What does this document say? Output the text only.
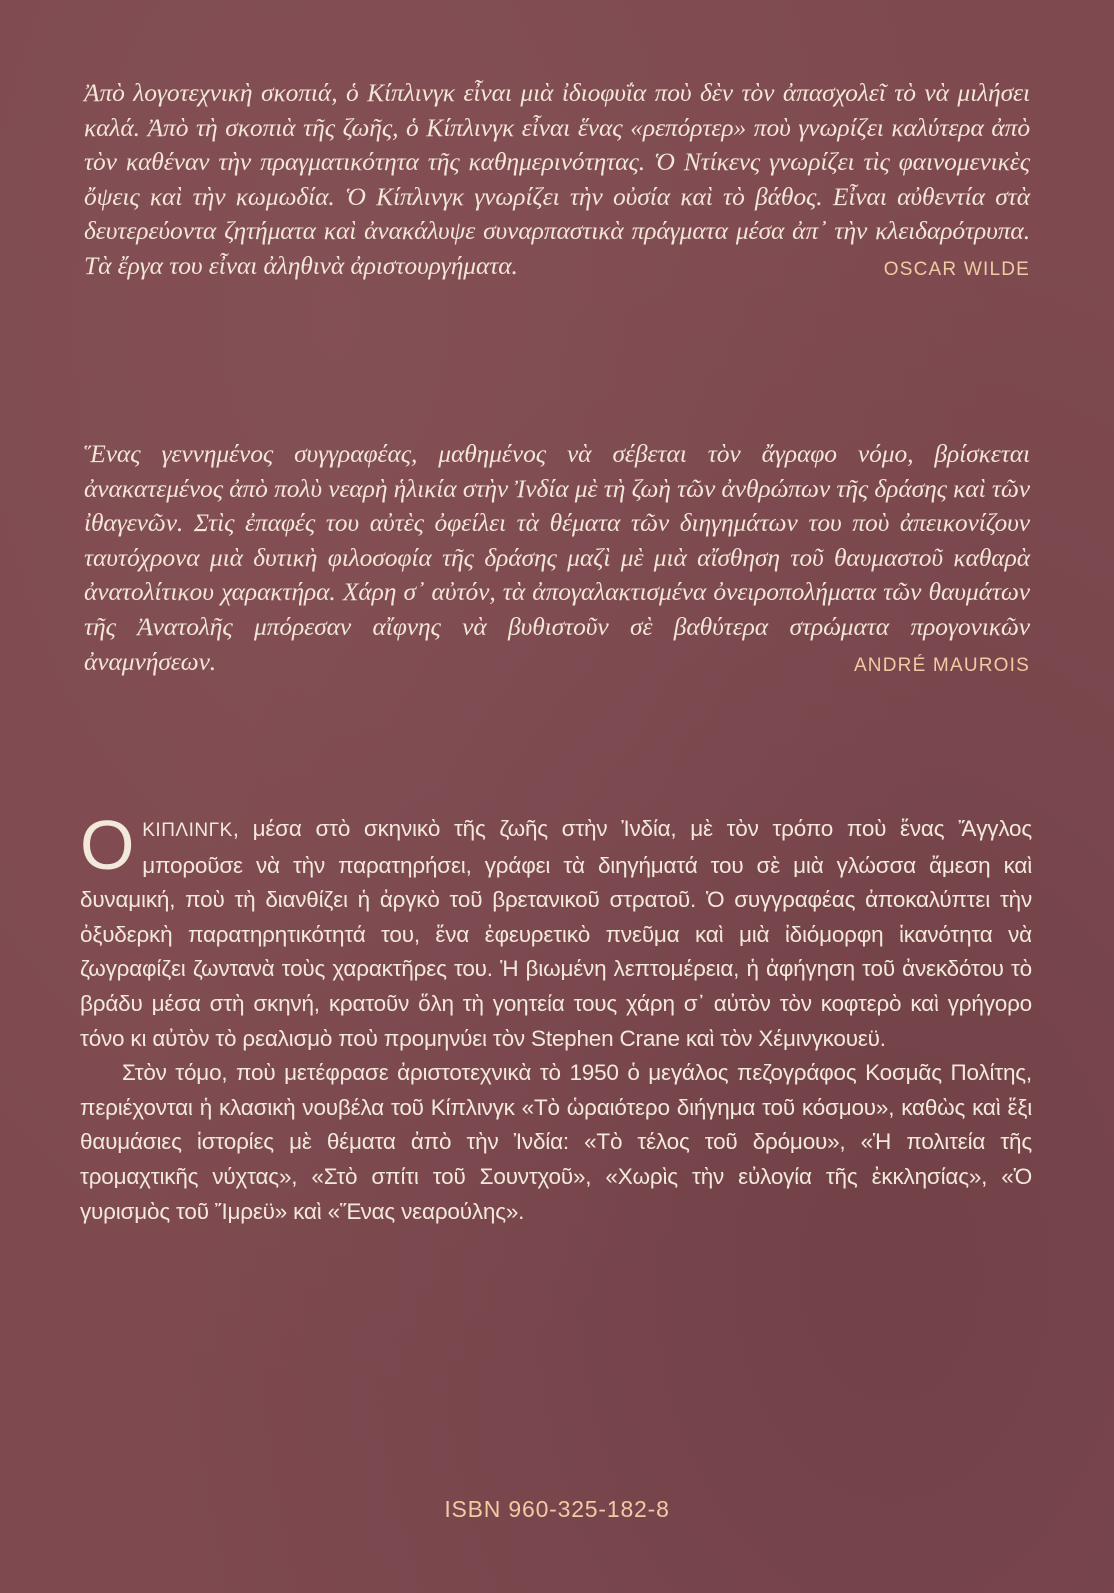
Ἀπὸ λογοτεχνικὴ σκοπιά, ὁ Κίπλινγκ εἶναι μιὰ ἰδιοφυΐα ποὺ δὲν τὸν ἀπασχολεῖ τὸ νὰ μιλήσει καλά. Ἀπὸ τὴ σκοπιὰ τῆς ζωῆς, ὁ Κίπλινγκ εἶναι ἕνας «ρεπόρτερ» ποὺ γνωρίζει καλύτερα ἀπὸ τὸν καθέναν τὴν πραγματικότητα τῆς καθημερινότητας. Ὁ Ντίκενς γνωρίζει τὶς φαινομενικὲς ὄψεις καὶ τὴν κωμωδία. Ὁ Κίπλινγκ γνωρίζει τὴν οὐσία καὶ τὸ βάθος. Εἶναι αὐθεντία στὰ δευτερεύοντα ζητήματα καὶ ἀνακάλυψε συναρπαστικὰ πράγματα μέσα ἀπ᾽ τὴν κλειδαρότρυπα. Τὰ ἔργα του εἶναι ἀληθινὰ ἀριστουργήματα.	OSCAR WILDE

Ἕνας γεννημένος συγγραφέας, μαθημένος νὰ σέβεται τὸν ἄγραφο νόμο, βρίσκεται ἀνακατεμένος ἀπὸ πολὺ νεαρὴ ἡλικία στὴν Ἰνδία μὲ τὴ ζωὴ τῶν ἀνθρώπων τῆς δράσης καὶ τῶν ἰθαγενῶν. Στὶς ἐπαφές του αὐτὲς ὀφείλει τὰ θέματα τῶν διηγημάτων του ποὺ ἀπεικονίζουν ταυτόχρονα μιὰ δυτικὴ φιλοσοφία τῆς δράσης μαζὶ μὲ μιὰ αἴσθηση τοῦ θαυμαστοῦ καθαρὰ ἀνατολίτικου χαρακτήρα. Χάρη σ᾽ αὐτόν, τὰ ἀπογαλακτισμένα ὀνειροπολήματα τῶν θαυμάτων τῆς Ἀνατολῆς μπόρεσαν αἴφνης νὰ βυθιστοῦν σὲ βαθύτερα στρώματα προγονικῶν ἀναμνήσεων.	ANDRÉ MAUROIS

ΟΚΙΠΛΙΝΓΚ, μέσα στὸ σκηνικὸ τῆς ζωῆς στὴν Ἰνδία, μὲ τὸν τρόπο ποὺ ἕνας Ἄγγλος μποροῦσε νὰ τὴν παρατηρήσει, γράφει τὰ διηγήματά του σὲ μιὰ γλώσσα ἄμεση καὶ δυναμική, ποὺ τὴ διανθίζει ἡ ἀργκὸ τοῦ βρετανικοῦ στρατοῦ. Ὁ συγγραφέας ἀποκαλύπτει τὴν ὀξυδερκὴ παρατηρητικότητά του, ἕνα ἐφευρετικὸ πνεῦμα καὶ μιὰ ἰδιόμορφη ἱκανότητα νὰ ζωγραφίζει ζωντανὰ τοὺς χαρακτῆρες του. Ἡ βιωμένη λεπτομέρεια, ἡ ἀφήγηση τοῦ ἀνεκδότου τὸ βράδυ μέσα στὴ σκηνή, κρατοῦν ὅλη τὴ γοητεία τους χάρη σ᾽ αὐτὸν τὸν κοφτερὸ καὶ γρήγορο τόνο κι αὐτὸν τὸ ρεαλισμὸ ποὺ προμηνύει τὸν Stephen Crane καὶ τὸν Χέμινγκουεϋ.

Στὸν τόμο, ποὺ μετέφρασε ἀριστοτεχνικὰ τὸ 1950 ὁ μεγάλος πεζογράφος Κοσμᾶς Πολίτης, περιέχονται ἡ κλασικὴ νουβέλα τοῦ Κίπλινγκ «Τὸ ὡραιότερο διήγημα τοῦ κόσμου», καθὼς καὶ ἕξι θαυμάσιες ἱστορίες μὲ θέματα ἀπὸ τὴν Ἰνδία: «Τὸ τέλος τοῦ δρόμου», «Ἡ πολιτεία τῆς τρομαχτικῆς νύχτας», «Στὸ σπίτι τοῦ Σουντχοῦ», «Χωρὶς τὴν εὐλογία τῆς ἐκκλησίας», «Ὁ γυρισμὸς τοῦ Ἴμρεϋ» καὶ «Ἕνας νεαρούλης».

ISBN 960-325-182-8
